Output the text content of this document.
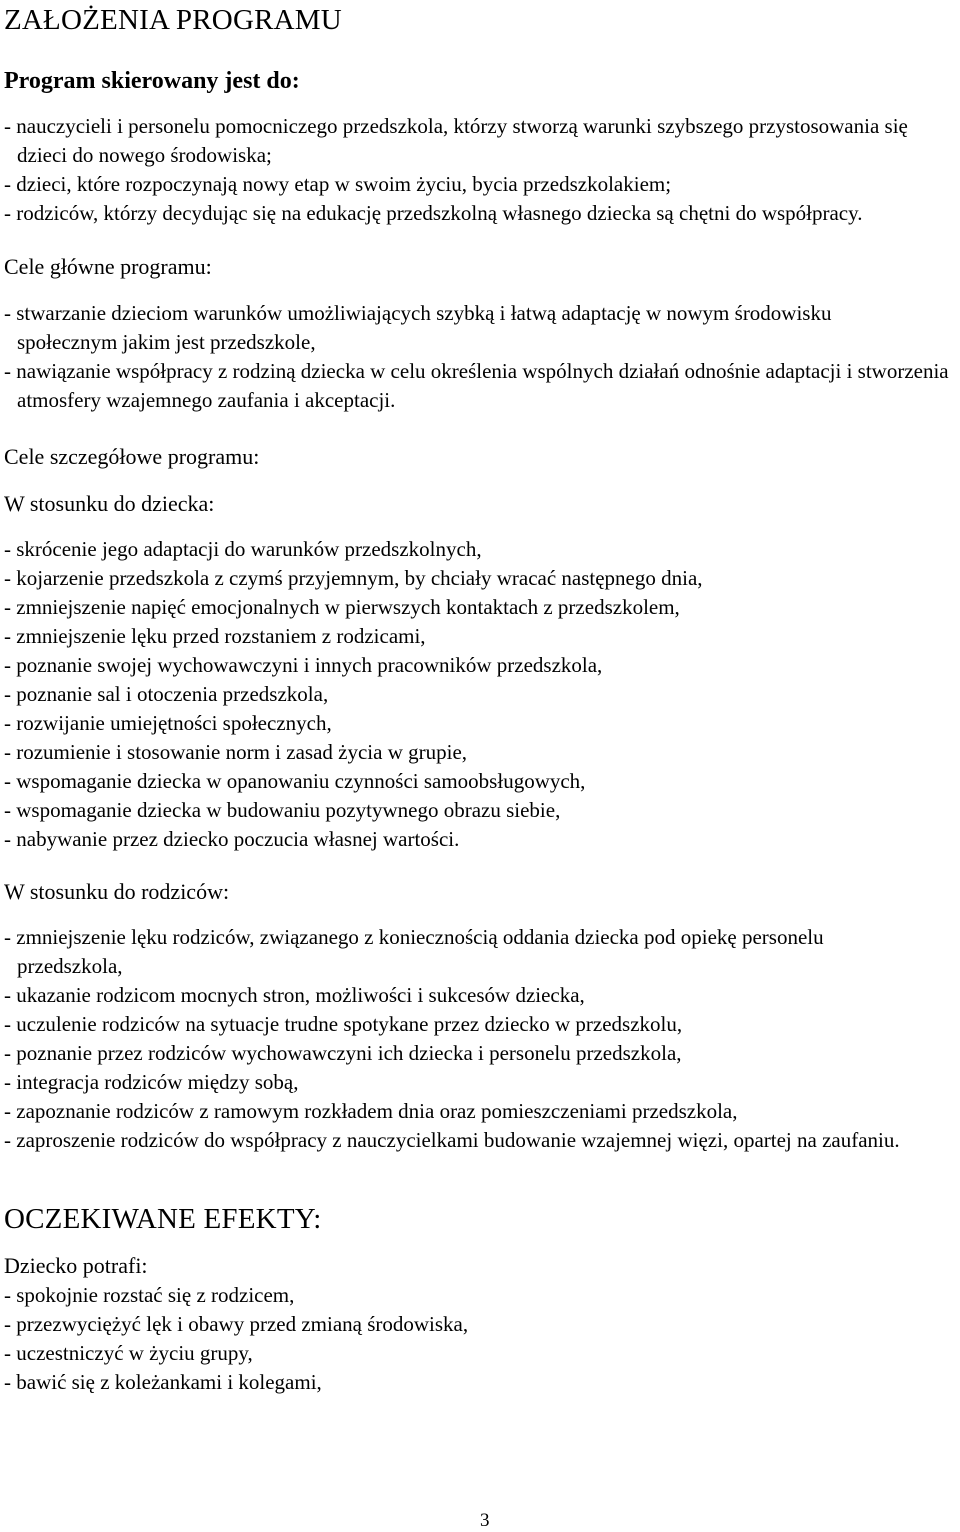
ZAŁOŻENIA PROGRAMU
Program skierowany jest do:
- nauczycieli i personelu pomocniczego przedszkola, którzy stworzą warunki szybszego przystosowania się dzieci do nowego środowiska;
- dzieci, które rozpoczynają nowy etap w swoim życiu, bycia przedszkolakiem;
- rodziców, którzy decydując się na edukację przedszkolną własnego dziecka są chętni do współpracy.
Cele główne programu:
- stwarzanie dzieciom warunków umożliwiających szybką i łatwą adaptację w nowym środowisku społecznym jakim jest przedszkole,
- nawiązanie współpracy z rodziną dziecka w celu określenia wspólnych działań odnośnie adaptacji i stworzenia atmosfery wzajemnego zaufania i akceptacji.
Cele szczegółowe programu:
W stosunku do dziecka:
- skrócenie jego adaptacji do warunków przedszkolnych,
- kojarzenie przedszkola z czymś przyjemnym, by chciały wracać następnego dnia,
- zmniejszenie napięć emocjonalnych w pierwszych kontaktach z przedszkolem,
- zmniejszenie lęku przed rozstaniem z rodzicami,
- poznanie swojej wychowawczyni i innych pracowników przedszkola,
- poznanie sal i otoczenia przedszkola,
- rozwijanie umiejętności społecznych,
- rozumienie i stosowanie norm i zasad życia w grupie,
- wspomaganie dziecka w opanowaniu czynności samoobsługowych,
- wspomaganie dziecka w budowaniu pozytywnego obrazu siebie,
- nabywanie przez dziecko poczucia własnej wartości.
W stosunku do rodziców:
- zmniejszenie lęku rodziców, związanego z koniecznością oddania dziecka pod opiekę personelu przedszkola,
- ukazanie rodzicom mocnych stron, możliwości i sukcesów dziecka,
- uczulenie rodziców na sytuacje trudne spotykane przez dziecko w przedszkolu,
- poznanie przez rodziców wychowawczyni ich dziecka i personelu przedszkola,
- integracja rodziców między sobą,
- zapoznanie rodziców z ramowym rozkładem dnia oraz pomieszczeniami przedszkola,
- zaproszenie rodziców do współpracy z nauczycielkami budowanie wzajemnej więzi, opartej na zaufaniu.
OCZEKIWANE EFEKTY:
Dziecko potrafi:
- spokojnie rozstać się z rodzicem,
- przezwyciężyć lęk i obawy przed zmianą środowiska,
- uczestniczyć w życiu grupy,
- bawić się z koleżankami i kolegami,
3
